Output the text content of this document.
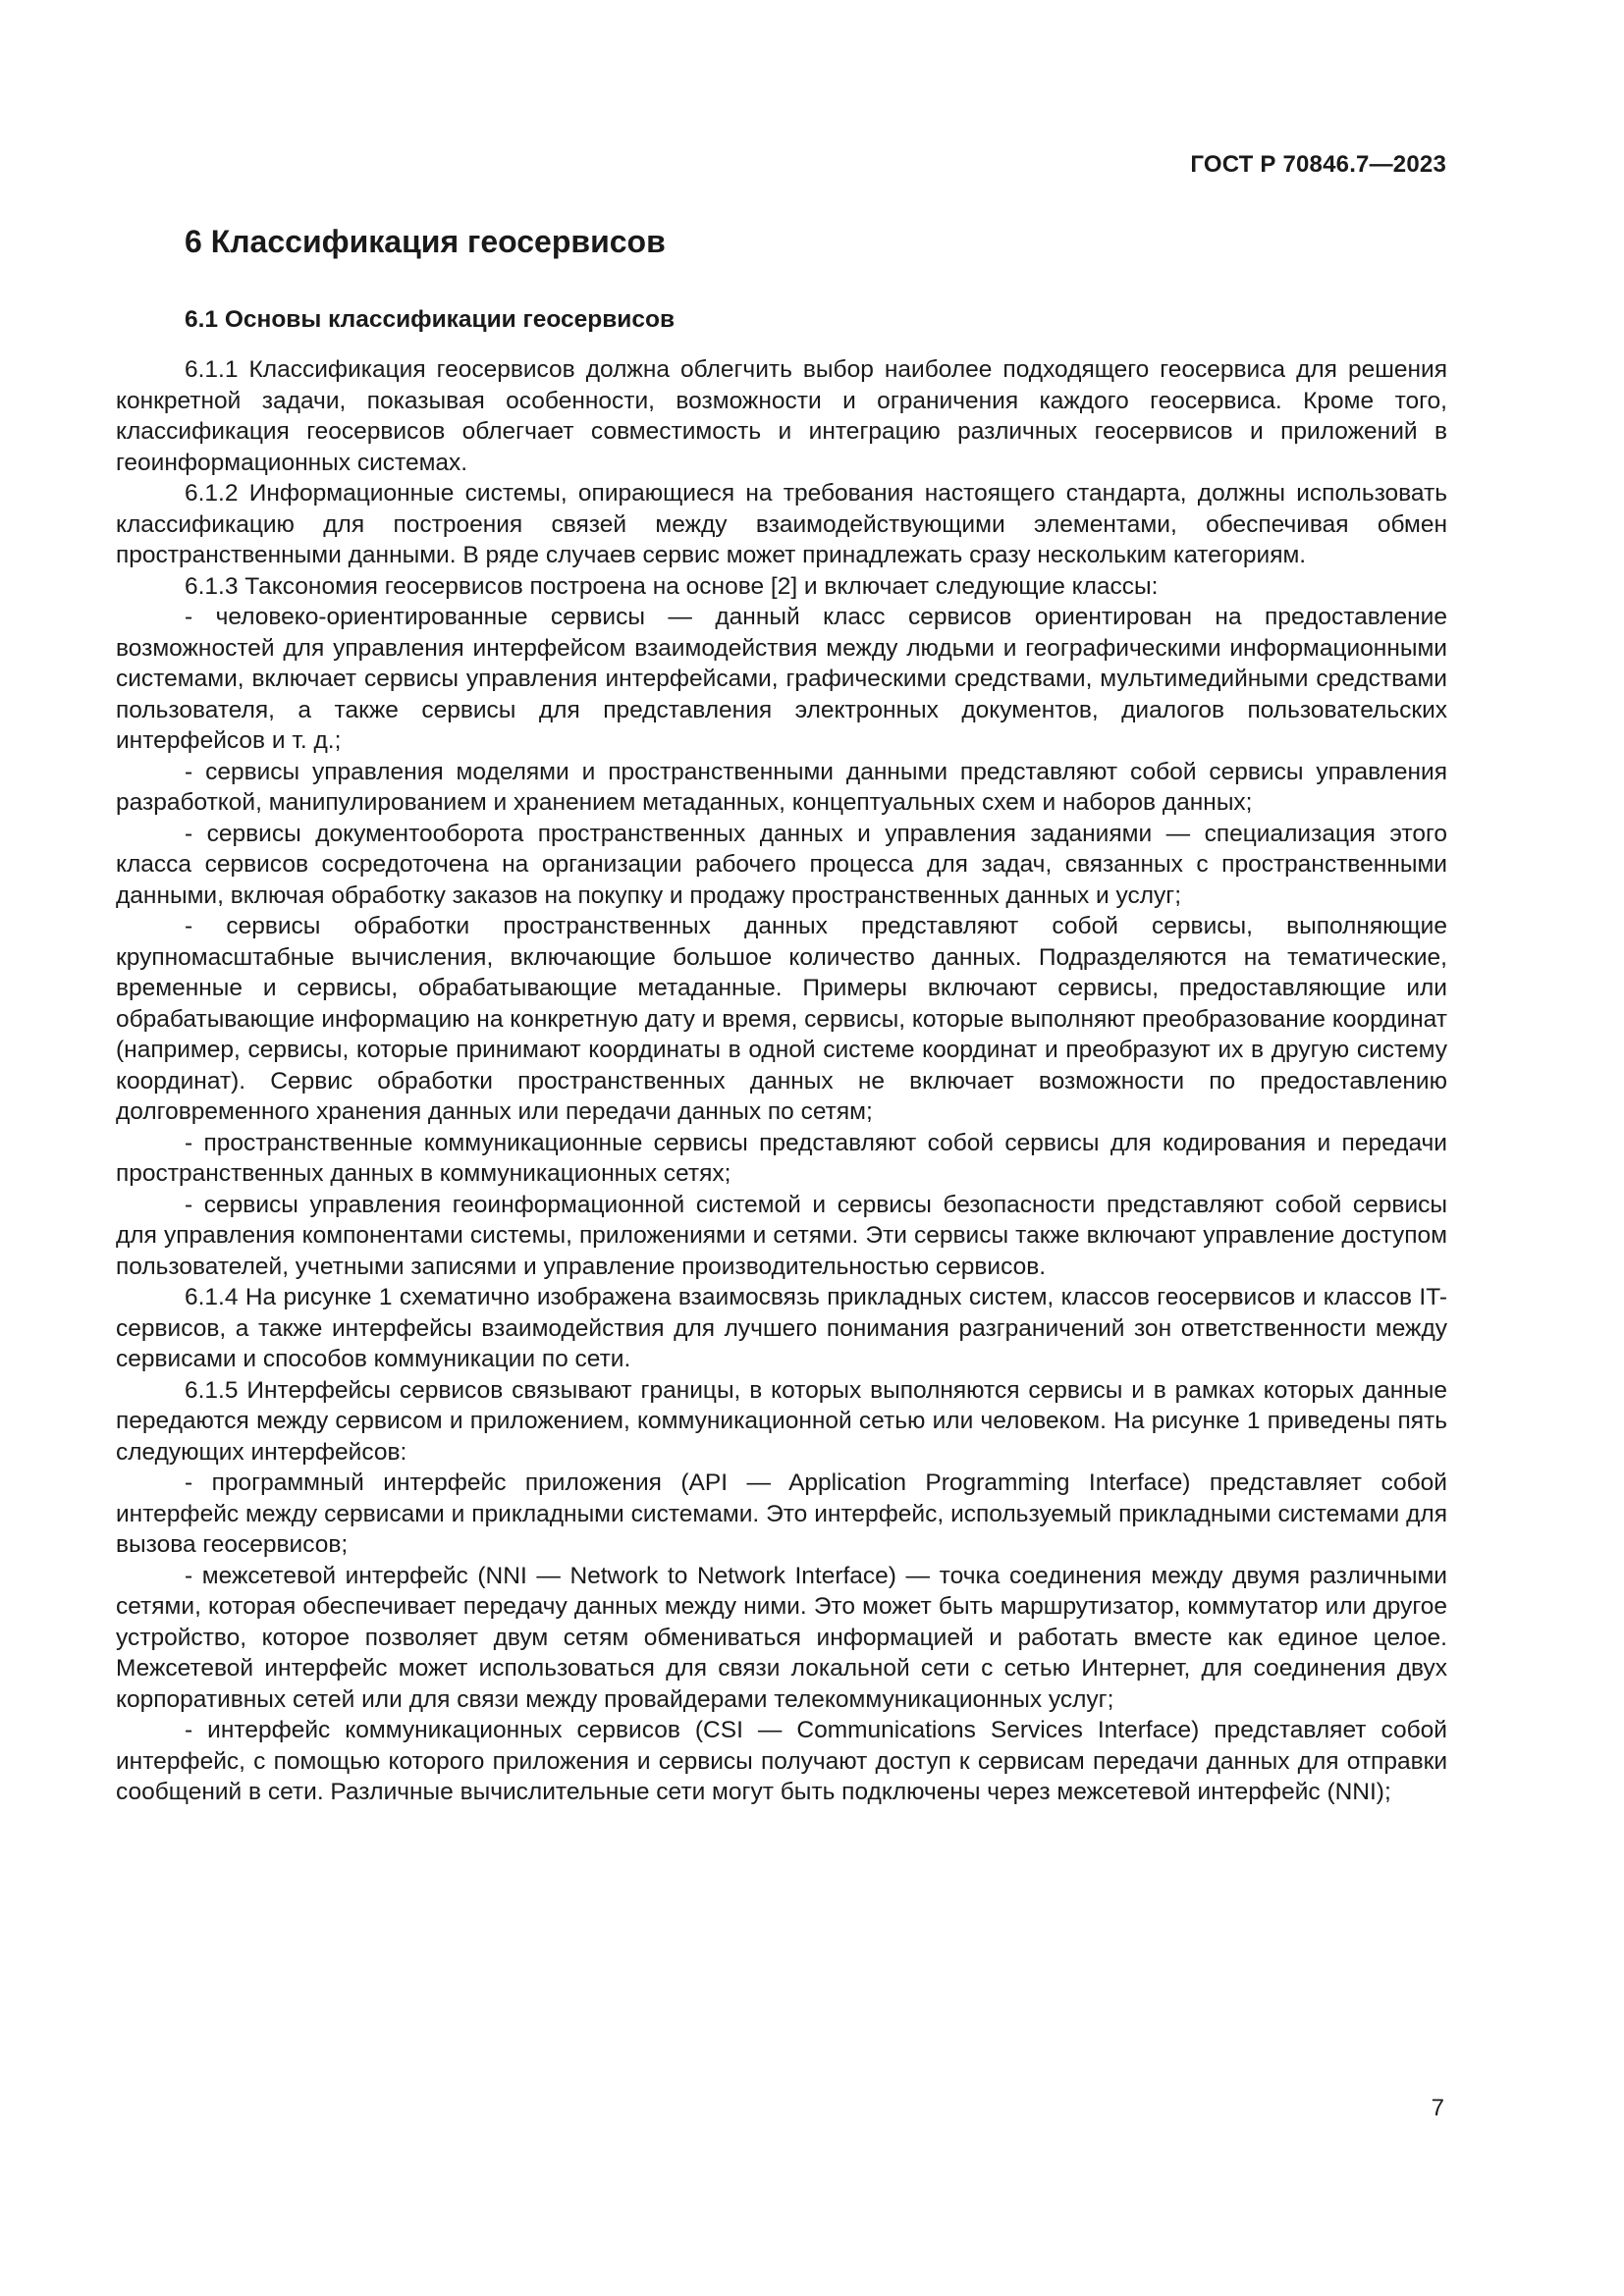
ГОСТ Р 70846.7—2023
6 Классификация геосервисов
6.1 Основы классификации геосервисов

6.1.1 Классификация геосервисов должна облегчить выбор наиболее подходящего геосервиса для решения конкретной задачи, показывая особенности, возможности и ограничения каждого геосервиса. Кроме того, классификация геосервисов облегчает совместимость и интеграцию различных геосервисов и приложений в геоинформационных системах.

6.1.2 Информационные системы, опирающиеся на требования настоящего стандарта, должны использовать классификацию для построения связей между взаимодействующими элементами, обеспечивая обмен пространственными данными. В ряде случаев сервис может принадлежать сразу нескольким категориям.

6.1.3 Таксономия геосервисов построена на основе [2] и включает следующие классы:

- человеко-ориентированные сервисы — данный класс сервисов ориентирован на предоставление возможностей для управления интерфейсом взаимодействия между людьми и географическими информационными системами, включает сервисы управления интерфейсами, графическими средствами, мультимедийными средствами пользователя, а также сервисы для представления электронных документов, диалогов пользовательских интерфейсов и т. д.;

- сервисы управления моделями и пространственными данными представляют собой сервисы управления разработкой, манипулированием и хранением метаданных, концептуальных схем и наборов данных;

- сервисы документооборота пространственных данных и управления заданиями — специализация этого класса сервисов сосредоточена на организации рабочего процесса для задач, связанных с пространственными данными, включая обработку заказов на покупку и продажу пространственных данных и услуг;

- сервисы обработки пространственных данных представляют собой сервисы, выполняющие крупномасштабные вычисления, включающие большое количество данных. Подразделяются на тематические, временные и сервисы, обрабатывающие метаданные. Примеры включают сервисы, предоставляющие или обрабатывающие информацию на конкретную дату и время, сервисы, которые выполняют преобразование координат (например, сервисы, которые принимают координаты в одной системе координат и преобразуют их в другую систему координат). Сервис обработки пространственных данных не включает возможности по предоставлению долговременного хранения данных или передачи данных по сетям;

- пространственные коммуникационные сервисы представляют собой сервисы для кодирования и передачи пространственных данных в коммуникационных сетях;

- сервисы управления геоинформационной системой и сервисы безопасности представляют собой сервисы для управления компонентами системы, приложениями и сетями. Эти сервисы также включают управление доступом пользователей, учетными записями и управление производительностью сервисов.

6.1.4 На рисунке 1 схематично изображена взаимосвязь прикладных систем, классов геосервисов и классов IT-сервисов, а также интерфейсы взаимодействия для лучшего понимания разграничений зон ответственности между сервисами и способов коммуникации по сети.

6.1.5 Интерфейсы сервисов связывают границы, в которых выполняются сервисы и в рамках которых данные передаются между сервисом и приложением, коммуникационной сетью или человеком. На рисунке 1 приведены пять следующих интерфейсов:

- программный интерфейс приложения (API — Application Programming Interface) представляет собой интерфейс между сервисами и прикладными системами. Это интерфейс, используемый прикладными системами для вызова геосервисов;

- межсетевой интерфейс (NNI — Network to Network Interface) — точка соединения между двумя различными сетями, которая обеспечивает передачу данных между ними. Это может быть маршрутизатор, коммутатор или другое устройство, которое позволяет двум сетям обмениваться информацией и работать вместе как единое целое. Межсетевой интерфейс может использоваться для связи локальной сети с сетью Интернет, для соединения двух корпоративных сетей или для связи между провайдерами телекоммуникационных услуг;

- интерфейс коммуникационных сервисов (CSI — Communications Services Interface) представляет собой интерфейс, с помощью которого приложения и сервисы получают доступ к сервисам передачи данных для отправки сообщений в сети. Различные вычислительные сети могут быть подключены через межсетевой интерфейс (NNI);

7
